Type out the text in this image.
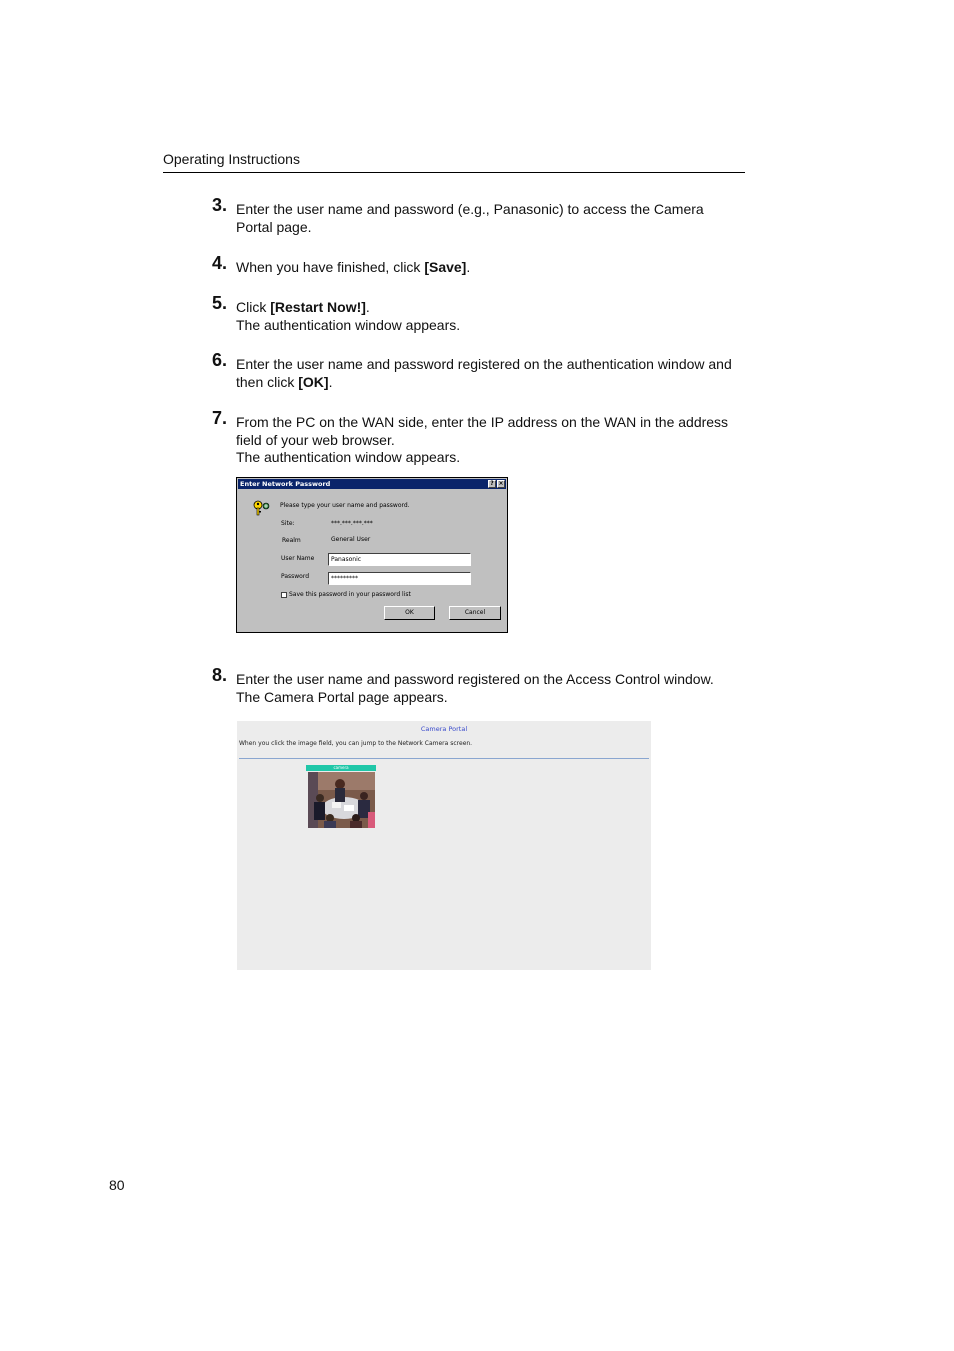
Operating Instructions
3. Enter the user name and password (e.g., Panasonic) to access the Camera
Portal page.
4. When you have finished, click [Save].
5. Click [Restart Now!].
The authentication window appears.
6. Enter the user name and password registered on the authentication window and
then click [OK].
7. From the PC on the WAN side, enter the IP address on the WAN in the address
field of your web browser.
The authentication window appears.
Enter Network Password	? ×
Please type your user name and password.
Site:	***.***.***.***
Realm	General User
User Name	Panasonic
Password	*********
Save this password in your password list
OK	Cancel
8. Enter the user name and password registered on the Access Control window.
The Camera Portal page appears.
Camera Portal
When you click the image field, you can jump to the Network Camera screen.
camera
80
